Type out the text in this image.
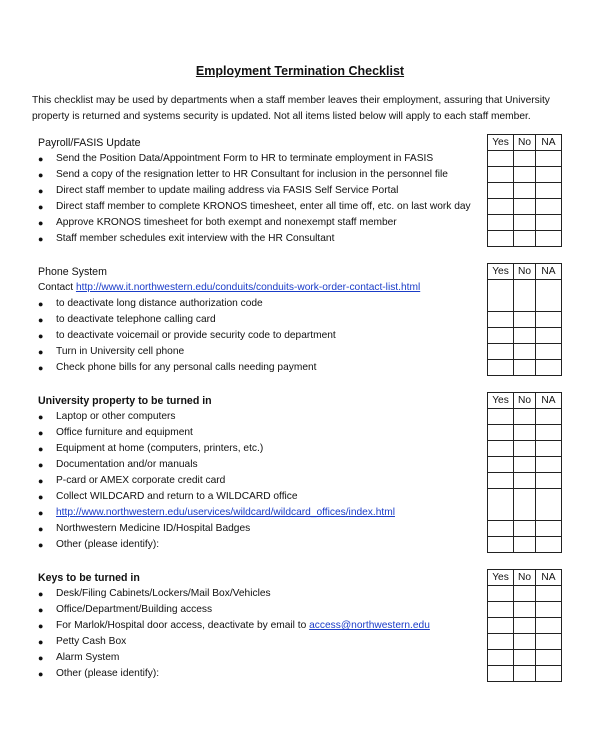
Employment Termination Checklist
This checklist may be used by departments when a staff member leaves their employment, assuring that University property is returned and systems security is updated. Not all items listed below will apply to each staff member.
Payroll/FASIS Update
●	Send the Position Data/Appointment Form to HR to terminate employment in FASIS
●	Send a copy of the resignation letter to HR Consultant for inclusion in the personnel file
●	Direct staff member to update mailing address via FASIS Self Service Portal
●	Direct staff member to complete KRONOS timesheet, enter all time off, etc. on last work day
●	Approve KRONOS timesheet for both exempt and nonexempt staff member
●	Staff member schedules exit interview with the HR Consultant
Yes	No	NA

Phone System
Contact http://www.it.northwestern.edu/conduits/conduits-work-order-contact-list.html
●	to deactivate long distance authorization code
●	to deactivate telephone calling card
●	to deactivate voicemail or provide security code to department
●	Turn in University cell phone
●	Check phone bills for any personal calls needing payment
Yes	No	NA

University property to be turned in
●	Laptop or other computers
●	Office furniture and equipment
●	Equipment at home (computers, printers, etc.)
●	Documentation and/or manuals
●	P-card or AMEX corporate credit card
●	Collect WILDCARD and return to a WILDCARD office
●	http://www.northwestern.edu/uservices/wildcard/wildcard_offices/index.html
●	Northwestern Medicine ID/Hospital Badges
●	Other (please identify):
Yes	No	NA

Keys to be turned in
●	Desk/Filing Cabinets/Lockers/Mail Box/Vehicles
●	Office/Department/Building access
●	For Marlok/Hospital door access, deactivate by email to access@northwestern.edu
●	Petty Cash Box
●	Alarm System
●	Other (please identify):
Yes	No	NA
